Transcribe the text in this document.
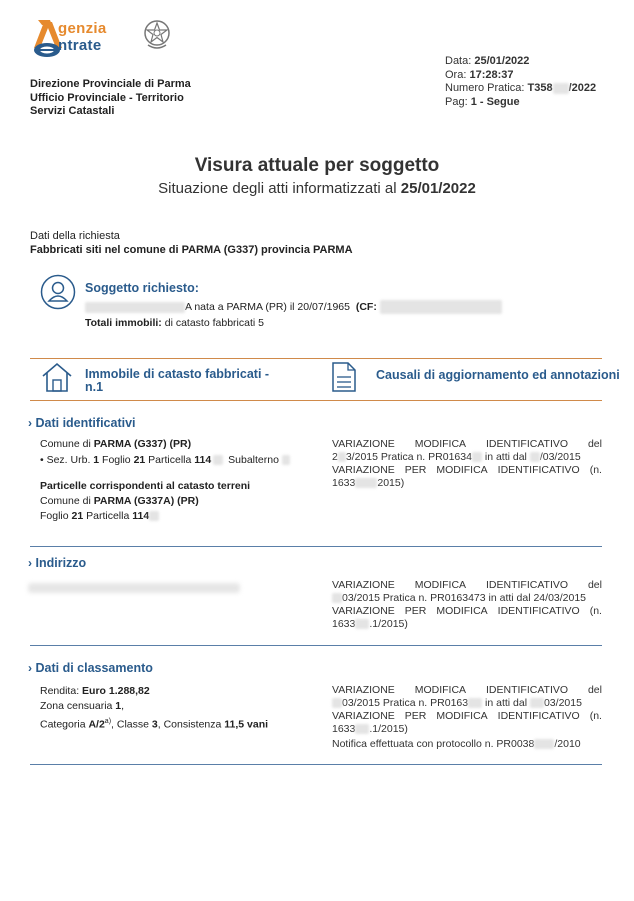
genzia
ntrate
Direzione Provinciale di Parma
Ufficio Provinciale - Territorio
Servizi Catastali
Data: 25/01/2022
Ora: 17:28:37
Numero Pratica: T358 /2022
Pag: 1 - Segue
Visura attuale per soggetto
Situazione degli atti informatizzati al 25/01/2022
Dati della richiesta
Fabbricati siti nel comune di PARMA (G337) provincia PARMA
Soggetto richiesto:
A nata a PARMA (PR) il 20/07/1965 (CF:
Totali immobili: di catasto fabbricati 5
Immobile di catasto fabbricati -
n.1
Causali di aggiornamento ed annotazioni
› Dati identificativi
Comune di PARMA (G337) (PR)
• Sez. Urb. 1 Foglio 21 Particella 114 Subalterno
Particelle corrispondenti al catasto terreni
Comune di PARMA (G337A) (PR)
Foglio 21 Particella 114
VARIAZIONE MODIFICA IDENTIFICATIVO del
2 3/2015 Pratica n. PR01634 in atti dal /03/2015
VARIAZIONE PER MODIFICA IDENTIFICATIVO (n.
1633 2015)
› Indirizzo
VARIAZIONE MODIFICA IDENTIFICATIVO del
03/2015 Pratica n. PR0163473 in atti dal 24/03/2015
VARIAZIONE PER MODIFICA IDENTIFICATIVO (n.
1633 .1/2015)
› Dati di classamento
Rendita: Euro 1.288,82
Zona censuaria 1,
Categoria A/2$^{a)}$, Classe 3, Consistenza 11,5 vani
VARIAZIONE MODIFICA IDENTIFICATIVO del
03/2015 Pratica n. PR0163 in atti dal 03/2015
VARIAZIONE PER MODIFICA IDENTIFICATIVO (n.
1633 .1/2015)
Notifica effettuata con protocollo n. PR0038 /2010
